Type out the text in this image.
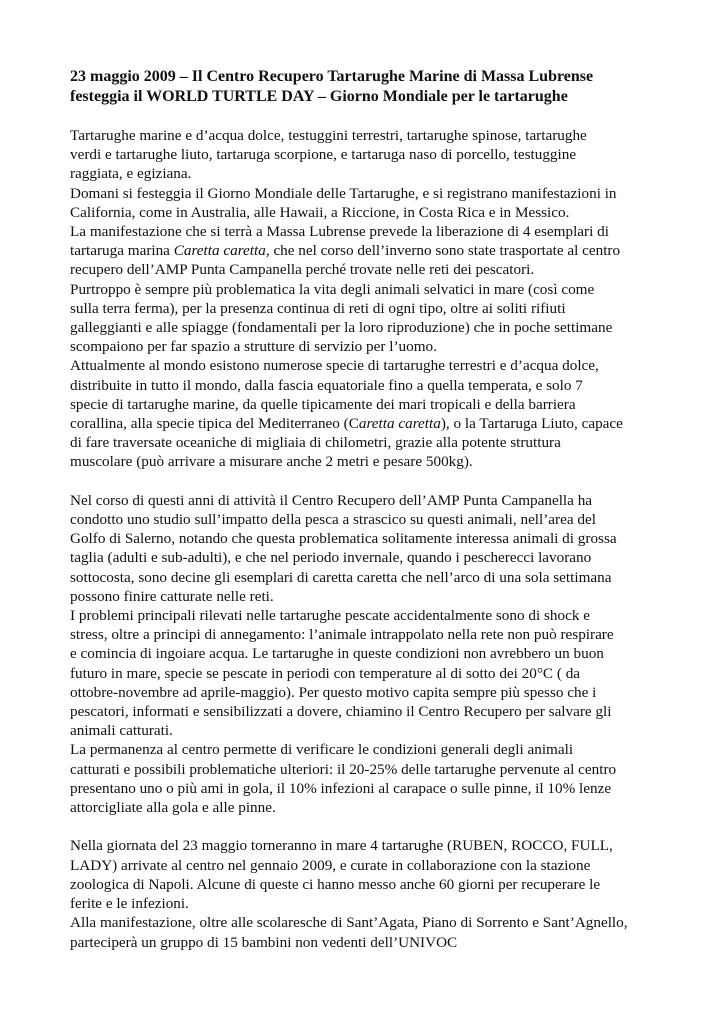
23 maggio 2009 – Il Centro Recupero Tartarughe Marine di Massa Lubrense
festeggia il WORLD TURTLE DAY – Giorno Mondiale per le tartarughe
Tartarughe marine e d’acqua dolce, testuggini terrestri, tartarughe spinose, tartarughe
verdi e tartarughe liuto, tartaruga scorpione, e tartaruga naso di porcello, testuggine
raggiata, e egiziana.
Domani si festeggia il Giorno Mondiale delle Tartarughe, e si registrano manifestazioni in
California, come in Australia, alle Hawaii, a Riccione, in Costa Rica e in Messico.
La manifestazione che si terrà a Massa Lubrense prevede la liberazione di 4 esemplari di
tartaruga marina Caretta caretta, che nel corso dell’inverno sono state trasportate al centro
recupero dell’AMP Punta Campanella perché trovate nelle reti dei pescatori.
Purtroppo è sempre più problematica la vita degli animali selvatici in mare (così come
sulla terra ferma), per la presenza continua di reti di ogni tipo, oltre ai soliti rifiuti
galleggianti e alle spiagge (fondamentali per la loro riproduzione) che in poche settimane
scompaiono per far spazio a strutture di servizio per l’uomo.
Attualmente al mondo esistono numerose specie di tartarughe terrestri e d’acqua dolce,
distribuite in tutto il mondo, dalla fascia equatoriale fino a quella temperata, e solo 7
specie di tartarughe marine, da quelle tipicamente dei mari tropicali e della barriera
corallina, alla specie tipica del Mediterraneo (Caretta caretta), o la Tartaruga Liuto, capace
di fare traversate oceaniche di migliaia di chilometri, grazie alla potente struttura
muscolare (può arrivare a misurare anche 2 metri e pesare 500kg).
Nel corso di questi anni di attività il Centro Recupero dell’AMP Punta Campanella ha
condotto uno studio sull’impatto della pesca a strascico su questi animali, nell’area del
Golfo di Salerno, notando che questa problematica solitamente interessa animali di grossa
taglia (adulti e sub-adulti), e che nel periodo invernale, quando i pescherecci lavorano
sottocosta, sono decine gli esemplari di caretta caretta che nell’arco di una sola settimana
possono finire catturate nelle reti.
I problemi principali rilevati nelle tartarughe pescate accidentalmente sono di shock e
stress, oltre a principi di annegamento: l’animale intrappolato nella rete non può respirare
e comincia di ingoiare acqua. Le tartarughe in queste condizioni non avrebbero un buon
futuro in mare, specie se pescate in periodi con temperature al di sotto dei 20°C ( da
ottobre-novembre ad aprile-maggio). Per questo motivo capita sempre più spesso che i
pescatori, informati e sensibilizzati a dovere, chiamino il Centro Recupero per salvare gli
animali catturati.
La permanenza al centro permette di verificare le condizioni generali degli animali
catturati e possibili problematiche ulteriori: il 20-25% delle tartarughe pervenute al centro
presentano uno o più ami in gola, il 10% infezioni al carapace o sulle pinne, il 10% lenze
attorcigliate alla gola e alle pinne.
Nella giornata del 23 maggio torneranno in mare 4 tartarughe (RUBEN, ROCCO, FULL,
LADY) arrivate al centro nel gennaio 2009, e curate in collaborazione con la stazione
zoologica di Napoli. Alcune di queste ci hanno messo anche 60 giorni per recuperare le
ferite e le infezioni.
Alla manifestazione, oltre alle scolaresche di Sant’Agata, Piano di Sorrento e Sant’Agnello,
parteciperà un gruppo di 15 bambini non vedenti dell’UNIVOC
